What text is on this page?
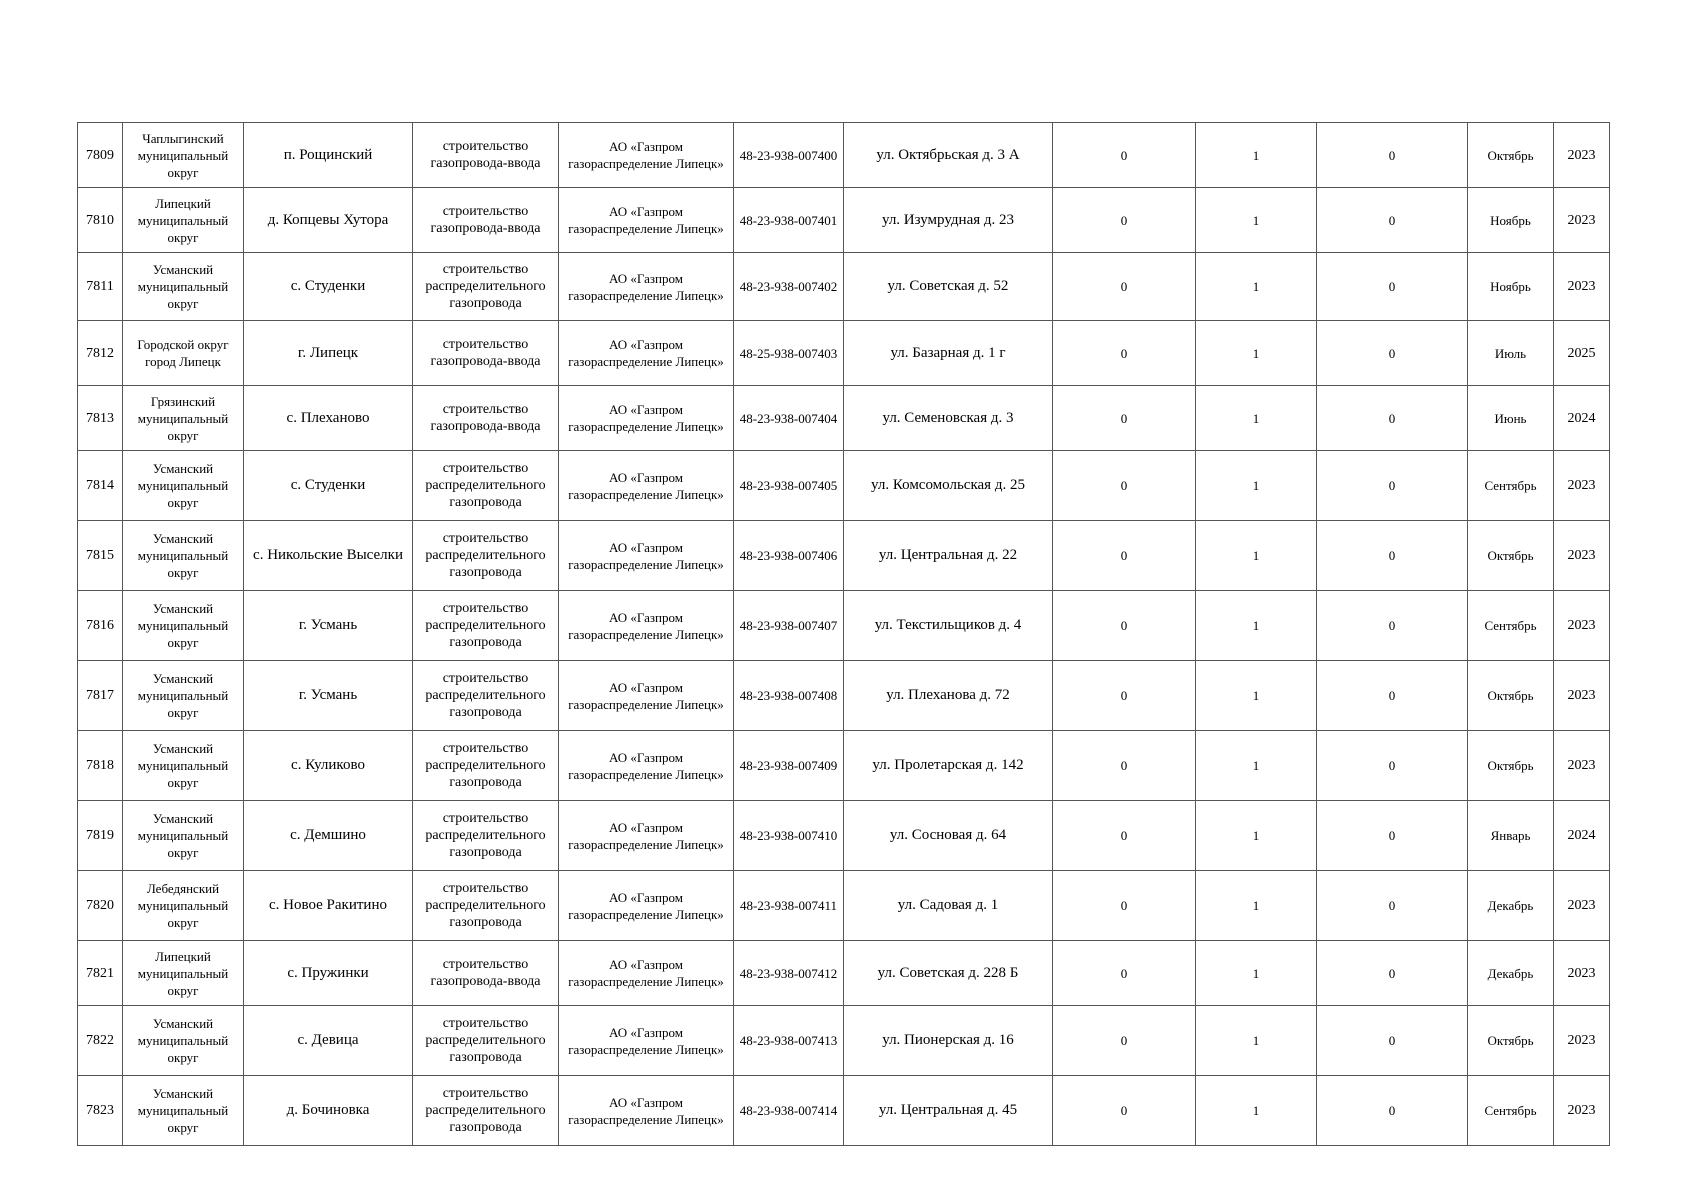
7809	Чаплыгинский муниципальный округ	п. Рощинский	строительство газопровода-ввода	АО «Газпром газораспределение Липецк»	48-23-938-007400	ул. Октябрьская д. 3 А	0	1	0	Октябрь	2023
7810	Липецкий муниципальный округ	д. Копцевы Хутора	строительство газопровода-ввода	АО «Газпром газораспределение Липецк»	48-23-938-007401	ул. Изумрудная д. 23	0	1	0	Ноябрь	2023
7811	Усманский муниципальный округ	с. Студенки	строительство распределительного газопровода	АО «Газпром газораспределение Липецк»	48-23-938-007402	ул. Советская д. 52	0	1	0	Ноябрь	2023
7812	Городской округ город Липецк	г. Липецк	строительство газопровода-ввода	АО «Газпром газораспределение Липецк»	48-25-938-007403	ул. Базарная д. 1 г	0	1	0	Июль	2025
7813	Грязинский муниципальный округ	с. Плеханово	строительство газопровода-ввода	АО «Газпром газораспределение Липецк»	48-23-938-007404	ул. Семеновская д. 3	0	1	0	Июнь	2024
7814	Усманский муниципальный округ	с. Студенки	строительство распределительного газопровода	АО «Газпром газораспределение Липецк»	48-23-938-007405	ул. Комсомольская д. 25	0	1	0	Сентябрь	2023
7815	Усманский муниципальный округ	с. Никольские Выселки	строительство распределительного газопровода	АО «Газпром газораспределение Липецк»	48-23-938-007406	ул. Центральная д. 22	0	1	0	Октябрь	2023
7816	Усманский муниципальный округ	г. Усмань	строительство распределительного газопровода	АО «Газпром газораспределение Липецк»	48-23-938-007407	ул. Текстильщиков д. 4	0	1	0	Сентябрь	2023
7817	Усманский муниципальный округ	г. Усмань	строительство распределительного газопровода	АО «Газпром газораспределение Липецк»	48-23-938-007408	ул. Плеханова д. 72	0	1	0	Октябрь	2023
7818	Усманский муниципальный округ	с. Куликово	строительство распределительного газопровода	АО «Газпром газораспределение Липецк»	48-23-938-007409	ул. Пролетарская д. 142	0	1	0	Октябрь	2023
7819	Усманский муниципальный округ	с. Демшино	строительство распределительного газопровода	АО «Газпром газораспределение Липецк»	48-23-938-007410	ул. Сосновая д. 64	0	1	0	Январь	2024
7820	Лебедянский муниципальный округ	с. Новое Ракитино	строительство распределительного газопровода	АО «Газпром газораспределение Липецк»	48-23-938-007411	ул. Садовая д. 1	0	1	0	Декабрь	2023
7821	Липецкий муниципальный округ	с. Пружинки	строительство газопровода-ввода	АО «Газпром газораспределение Липецк»	48-23-938-007412	ул. Советская д. 228 Б	0	1	0	Декабрь	2023
7822	Усманский муниципальный округ	с. Девица	строительство распределительного газопровода	АО «Газпром газораспределение Липецк»	48-23-938-007413	ул. Пионерская д. 16	0	1	0	Октябрь	2023
7823	Усманский муниципальный округ	д. Бочиновка	строительство распределительного газопровода	АО «Газпром газораспределение Липецк»	48-23-938-007414	ул. Центральная д. 45	0	1	0	Сентябрь	2023
